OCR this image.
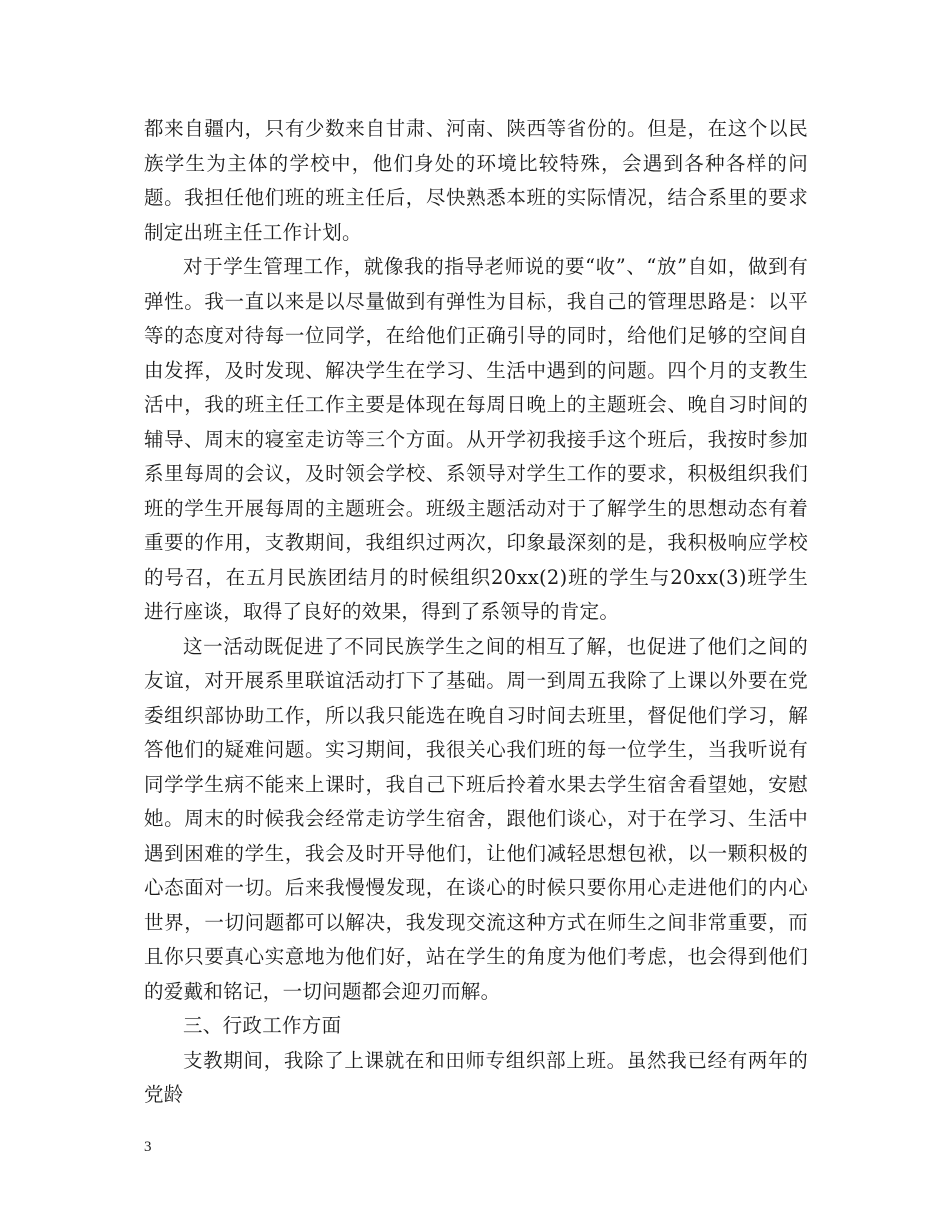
都来自疆内，只有少数来自甘肃、河南、陕西等省份的。但是，在这个以民族学生为主体的学校中，他们身处的环境比较特殊，会遇到各种各样的问题。我担任他们班的班主任后，尽快熟悉本班的实际情况，结合系里的要求制定出班主任工作计划。

对于学生管理工作，就像我的指导老师说的要“收”、“放”自如，做到有弹性。我一直以来是以尽量做到有弹性为目标，我自己的管理思路是：以平等的态度对待每一位同学，在给他们正确引导的同时，给他们足够的空间自由发挥，及时发现、解决学生在学习、生活中遇到的问题。四个月的支教生活中，我的班主任工作主要是体现在每周日晚上的主题班会、晚自习时间的辅导、周末的寝室走访等三个方面。从开学初我接手这个班后，我按时参加系里每周的会议，及时领会学校、系领导对学生工作的要求，积极组织我们班的学生开展每周的主题班会。班级主题活动对于了解学生的思想动态有着重要的作用，支教期间，我组织过两次，印象最深刻的是，我积极响应学校的号召，在五月民族团结月的时候组织20xx(2)班的学生与20xx(3)班学生进行座谈，取得了良好的效果，得到了系领导的肯定。

这一活动既促进了不同民族学生之间的相互了解，也促进了他们之间的友谊，对开展系里联谊活动打下了基础。周一到周五我除了上课以外要在党委组织部协助工作，所以我只能选在晚自习时间去班里，督促他们学习，解答他们的疑难问题。实习期间，我很关心我们班的每一位学生，当我听说有同学学生病不能来上课时，我自己下班后拎着水果去学生宿舍看望她，安慰她。周末的时候我会经常走访学生宿舍，跟他们谈心，对于在学习、生活中遇到困难的学生，我会及时开导他们，让他们减轻思想包袱，以一颗积极的心态面对一切。后来我慢慢发现，在谈心的时候只要你用心走进他们的内心世界，一切问题都可以解决，我发现交流这种方式在师生之间非常重要，而且你只要真心实意地为他们好，站在学生的角度为他们考虑，也会得到他们的爱戴和铭记，一切问题都会迎刃而解。

三、行政工作方面

支教期间，我除了上课就在和田师专组织部上班。虽然我已经有两年的党龄

3
